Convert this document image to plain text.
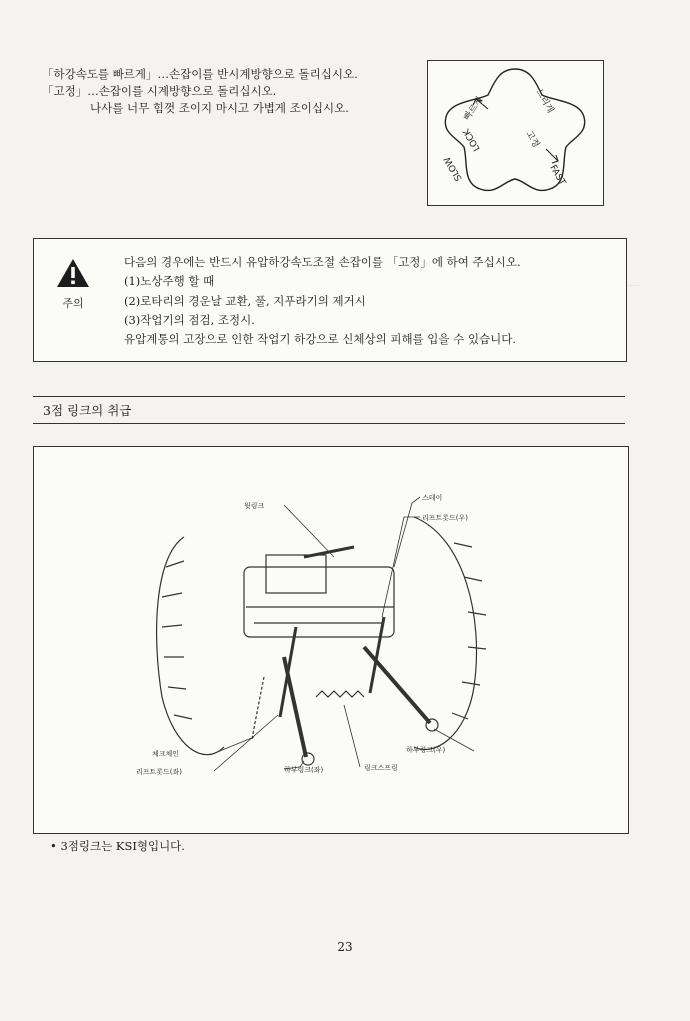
「하강속도를 빠르게」…손잡이를 반시계방향으로 돌리십시오.
「고정」…손잡이를 시계방향으로 돌리십시오.
나사를 너무 힘껏 조이지 마시고 가볍게 조이십시오.	빠르게	느리게
고정
FAST
LOCK
SLOW
주의
다음의 경우에는 반드시 유압하강속도조절 손잡이를 「고정」에 하여 주십시오.
(1)노상주행 할 때
(2)로타리의 경운날 교환, 풀, 지푸라기의 제거시
(3)작업기의 점검, 조정시.
유압계통의 고장으로 인한 작업기 하강으로 신체상의 피해를 입을 수 있습니다.
3점 링크의 취급
윗링크
스테이
리프트롯드(우)
체크체인
리프트롯드(좌)	하부링크(좌)	링크스프링
하부링크(우)
• 3점링크는 KSI형입니다.
23
